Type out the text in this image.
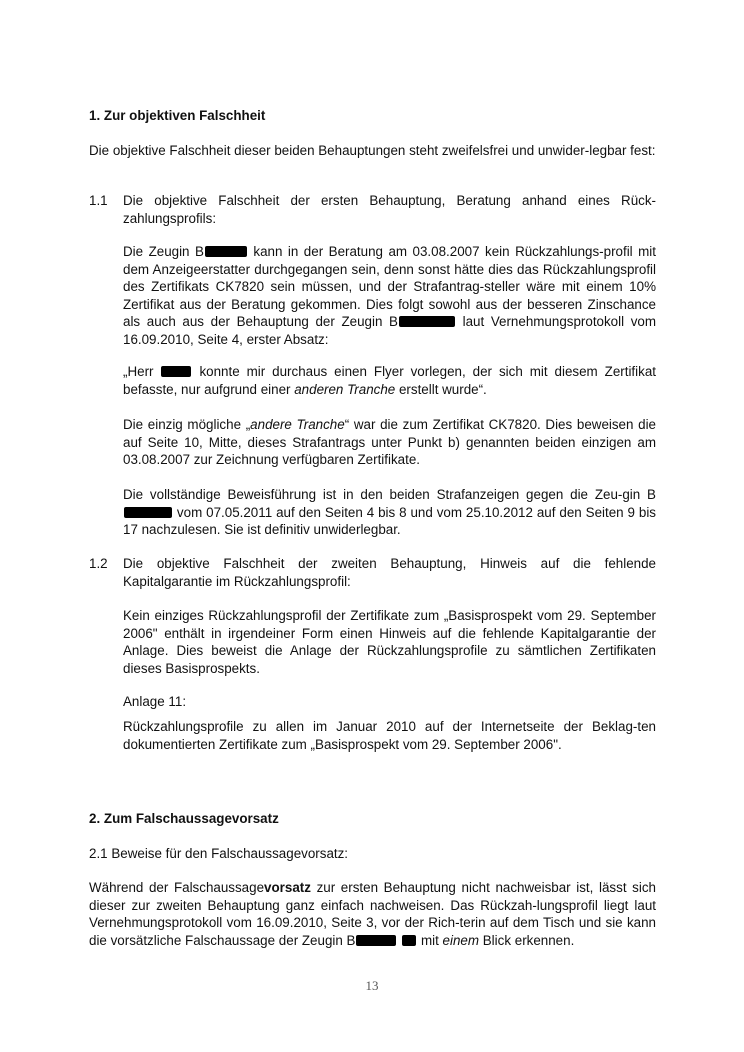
1. Zur objektiven Falschheit
Die objektive Falschheit dieser beiden Behauptungen steht zweifelsfrei und unwider-legbar fest:
1.1 Die objektive Falschheit der ersten Behauptung, Beratung anhand eines Rück-zahlungsprofils:
Die Zeugin B	kann in der Beratung am 03.08.2007 kein Rückzahlungs-profil mit dem Anzeigeerstatter durchgegangen sein, denn sonst hätte dies das Rückzahlungsprofil des Zertifikats CK7820 sein müssen, und der Strafantrag-steller wäre mit einem 10% Zertifikat aus der Beratung gekommen. Dies folgt sowohl aus der besseren Zinschance als auch aus der Behauptung der Zeugin B	laut Vernehmungsprotokoll vom 16.09.2010, Seite 4, erster Absatz:
„Herr	konnte mir durchaus einen Flyer vorlegen, der sich mit diesem Zertifikat befasste, nur aufgrund einer anderen Tranche erstellt wurde“.
Die einzig mögliche „andere Tranche“ war die zum Zertifikat CK7820. Dies beweisen die auf Seite 10, Mitte, dieses Strafantrags unter Punkt b) genannten beiden einzigen am 03.08.2007 zur Zeichnung verfügbaren Zertifikate.
Die vollständige Beweisführung ist in den beiden Strafanzeigen gegen die Zeu-gin B vom 07.05.2011 auf den Seiten 4 bis 8 und vom 25.10.2012 auf den Seiten 9 bis 17 nachzulesen. Sie ist definitiv unwiderlegbar.
1.2 Die objektive Falschheit der zweiten Behauptung, Hinweis auf die fehlende Kapitalgarantie im Rückzahlungsprofil:
Kein einziges Rückzahlungsprofil der Zertifikate zum „Basisprospekt vom 29. September 2006" enthält in irgendeiner Form einen Hinweis auf die fehlende Kapitalgarantie der Anlage. Dies beweist die Anlage der Rückzahlungsprofile zu sämtlichen Zertifikaten dieses Basisprospekts.
Anlage 11:
Rückzahlungsprofile zu allen im Januar 2010 auf der Internetseite der Beklag-ten dokumentierten Zertifikate zum „Basisprospekt vom 29. September 2006".
2. Zum Falschaussagevorsatz
2.1 Beweise für den Falschaussagevorsatz:
Während der Falschaussagevorsatz zur ersten Behauptung nicht nachweisbar ist, lässt sich dieser zur zweiten Behauptung ganz einfach nachweisen. Das Rückzah-lungsprofil liegt laut Vernehmungsprotokoll vom 16.09.2010, Seite 3, vor der Rich-terin auf dem Tisch und sie kann die vorsätzliche Falschaussage der Zeugin B	mit einem Blick erkennen.
13
